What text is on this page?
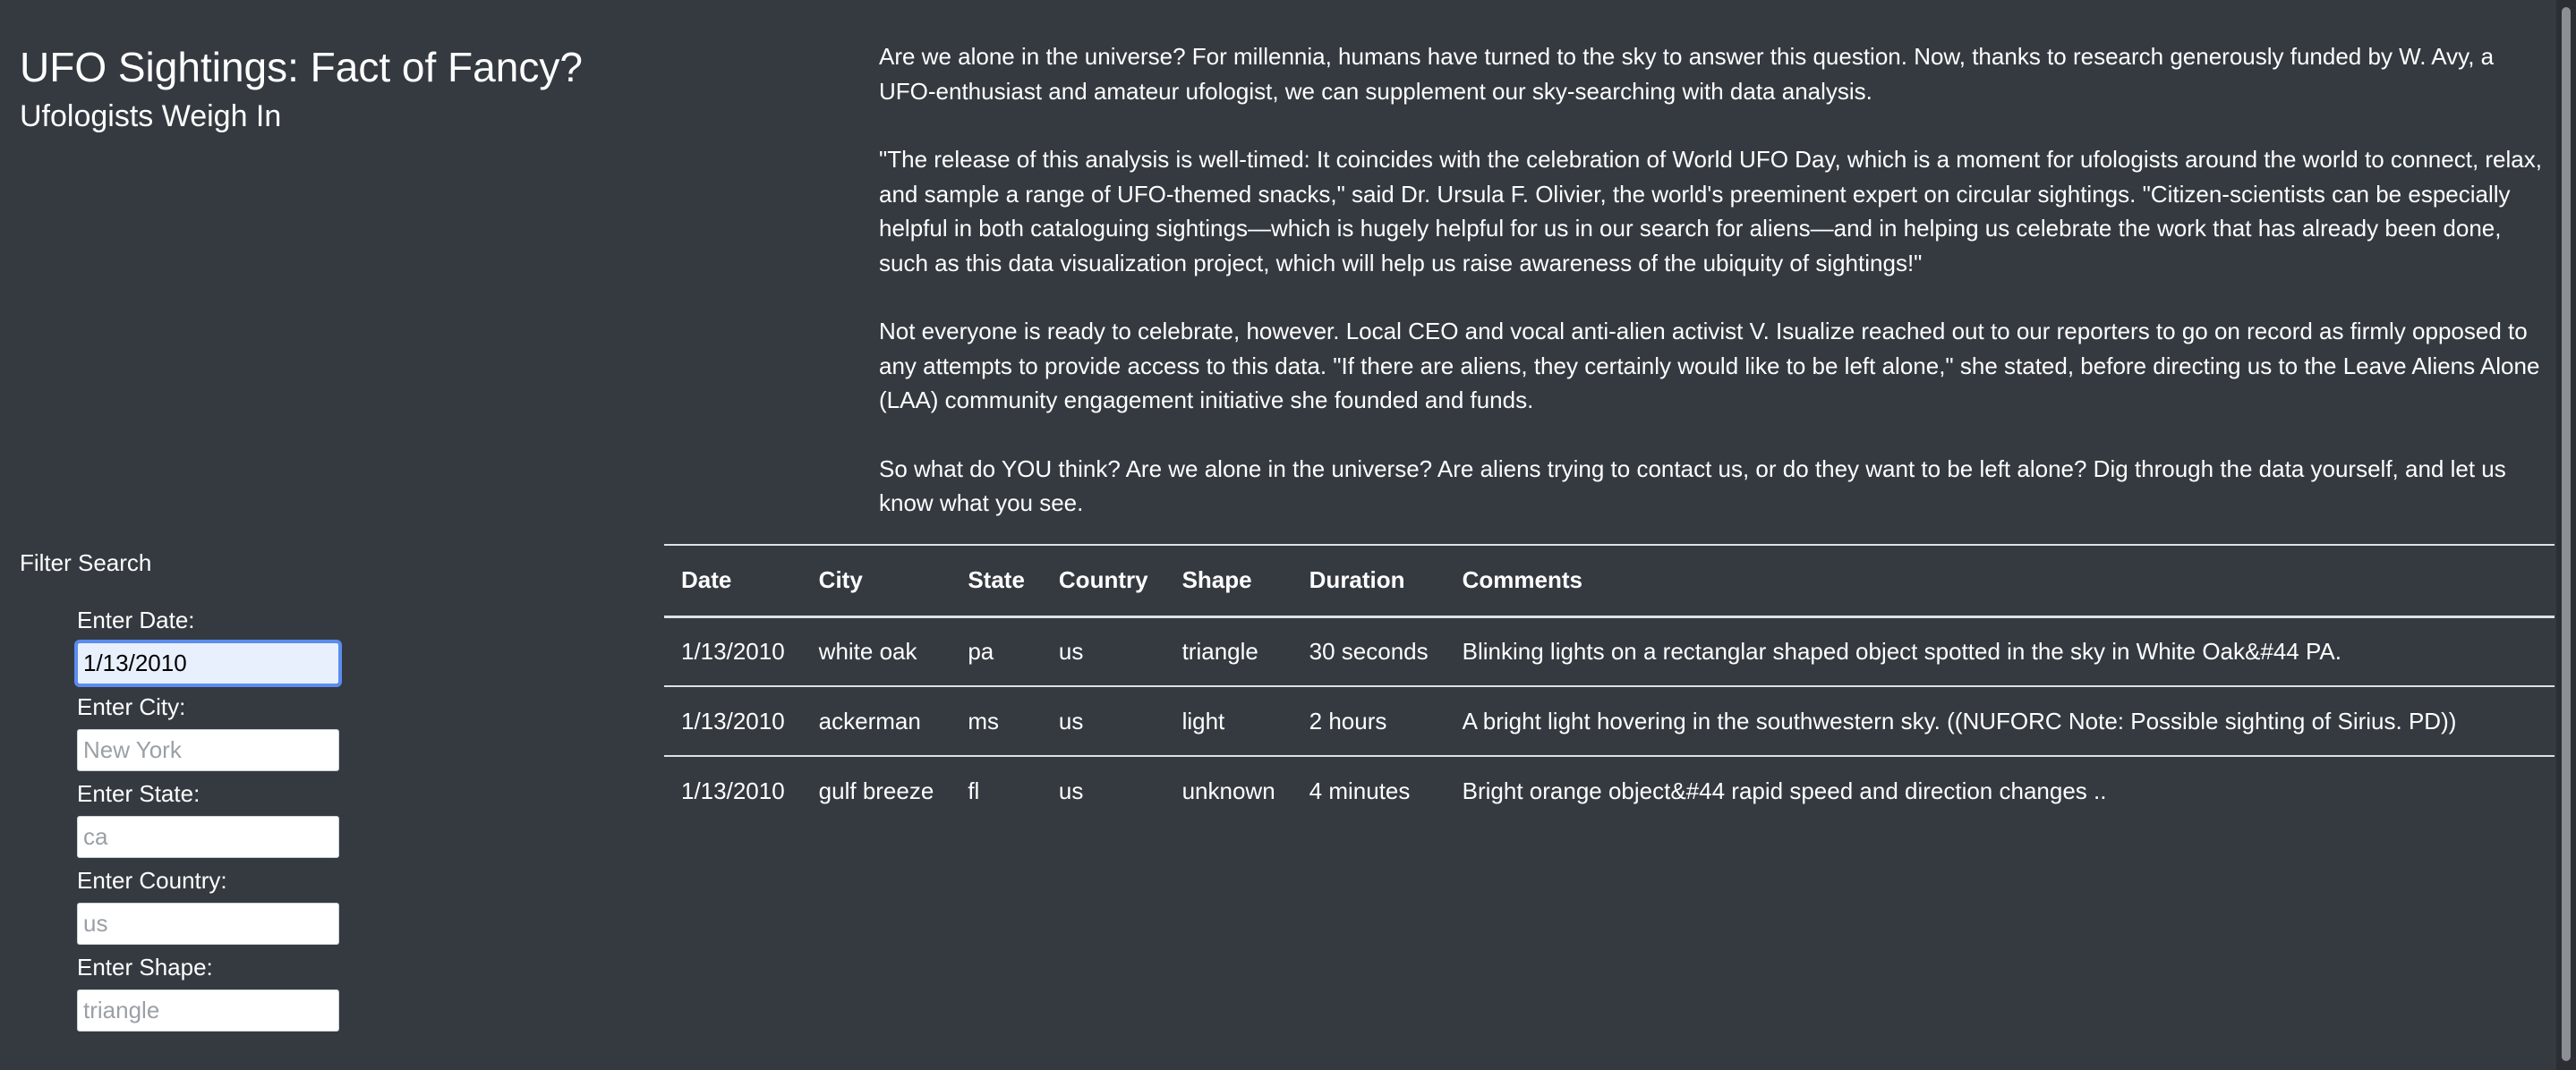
UFO Sightings: Fact of Fancy?
Ufologists Weigh In

Are we alone in the universe? For millennia, humans have turned to the sky to answer this question. Now, thanks to research generously funded by W. Avy, a UFO-enthusiast and amateur ufologist, we can supplement our sky-searching with data analysis.

"The release of this analysis is well-timed: It coincides with the celebration of World UFO Day, which is a moment for ufologists around the world to connect, relax, and sample a range of UFO-themed snacks," said Dr. Ursula F. Olivier, the world's preeminent expert on circular sightings. "Citizen-scientists can be especially helpful in both cataloguing sightings—which is hugely helpful for us in our search for aliens—and in helping us celebrate the work that has already been done, such as this data visualization project, which will help us raise awareness of the ubiquity of sightings!"

Not everyone is ready to celebrate, however. Local CEO and vocal anti-alien activist V. Isualize reached out to our reporters to go on record as firmly opposed to any attempts to provide access to this data. "If there are aliens, they certainly would like to be left alone," she stated, before directing us to the Leave Aliens Alone (LAA) community engagement initiative she founded and funds.

So what do YOU think? Are we alone in the universe? Are aliens trying to contact us, or do they want to be left alone? Dig through the data yourself, and let us know what you see.

Filter Search
Enter Date:
1/13/2010
Enter City:
New York
Enter State:
ca
Enter Country:
us
Enter Shape:
triangle
Date	City	State	Country	Shape	Duration	Comments
1/13/2010	white oak	pa	us	triangle	30 seconds	Blinking lights on a rectanglar shaped object spotted in the sky in White Oak&#44 PA.
1/13/2010	ackerman	ms	us	light	2 hours	A bright light hovering in the southwestern sky. ((NUFORC Note: Possible sighting of Sirius. PD))
1/13/2010	gulf breeze	fl	us	unknown	4 minutes	Bright orange object&#44 rapid speed and direction changes ..
